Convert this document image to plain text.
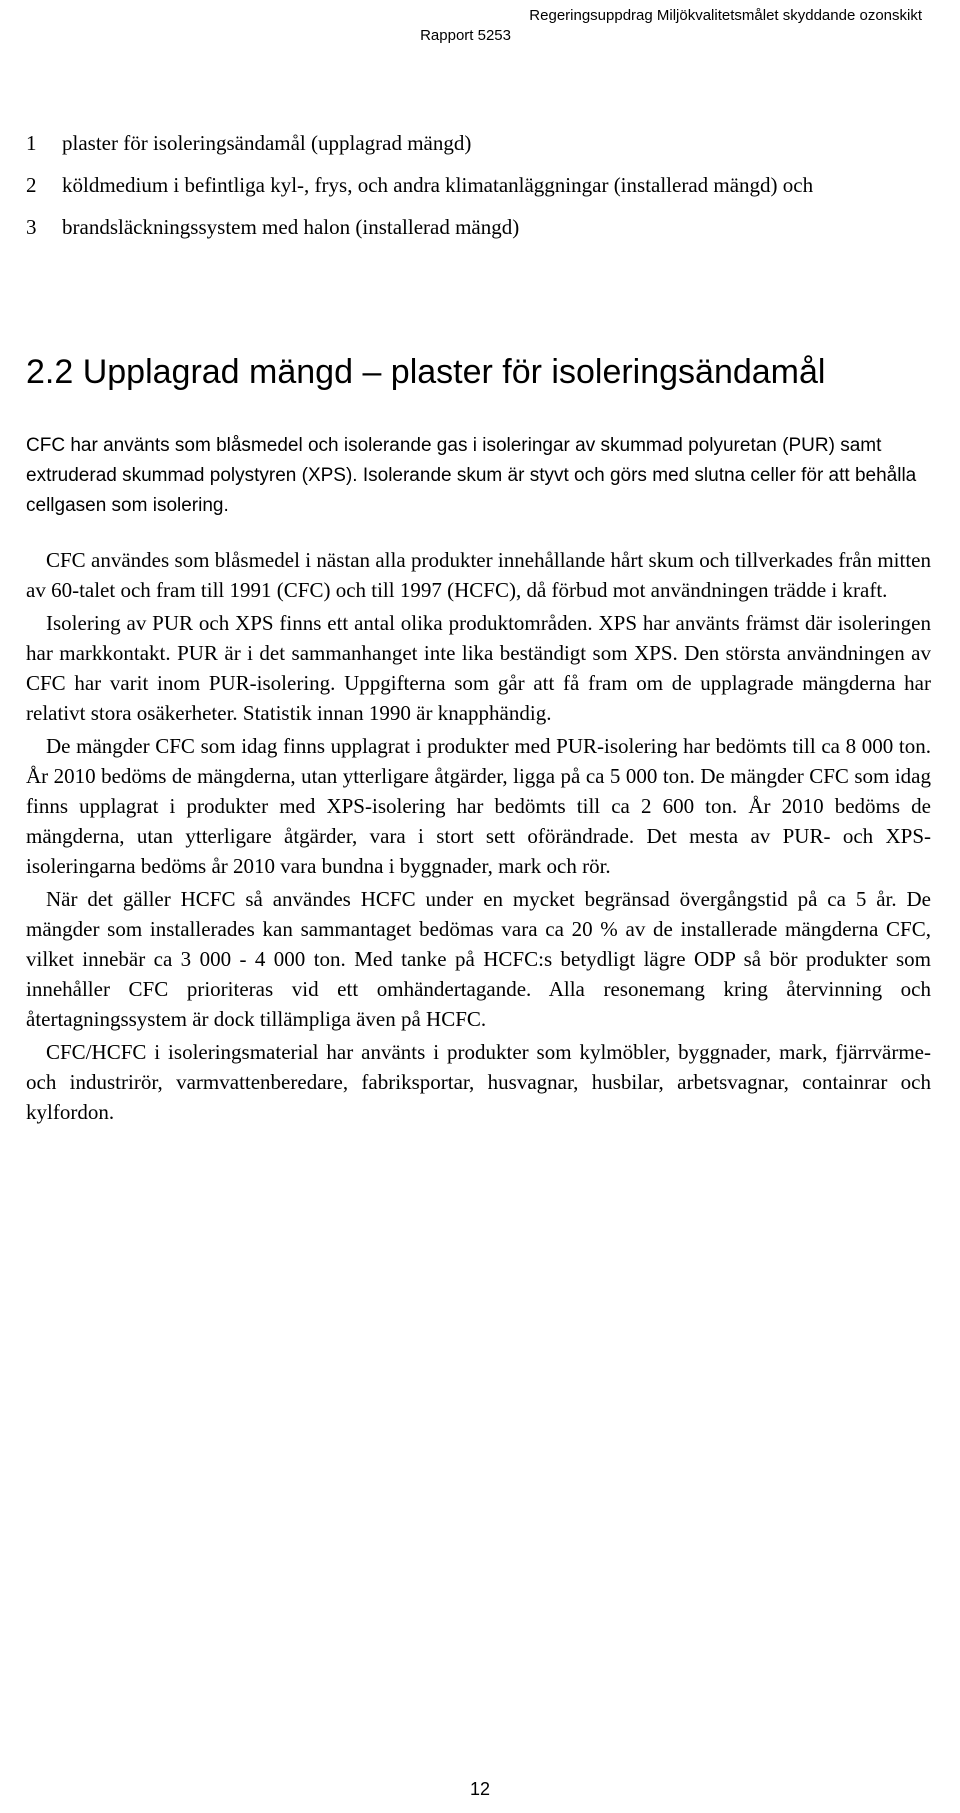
Regeringsuppdrag Miljökvalitetsmålet skyddande ozonskikt
Rapport 5253
1	plaster för isoleringsändamål (upplagrad mängd)
2	köldmedium i befintliga kyl-, frys, och andra klimatanläggningar (installerad mängd) och
3	brandsläckningssystem med halon (installerad mängd)
2.2 Upplagrad mängd – plaster för isoleringsändamål

CFC har använts som blåsmedel och isolerande gas i isoleringar av skummad polyuretan (PUR) samt extruderad skummad polystyren (XPS). Isolerande skum är styvt och görs med slutna celler för att behålla cellgasen som isolering.

CFC användes som blåsmedel i nästan alla produkter innehållande hårt skum och tillverkades från mitten av 60-talet och fram till 1991 (CFC) och till 1997 (HCFC), då förbud mot användningen trädde i kraft.

Isolering av PUR och XPS finns ett antal olika produktområden. XPS har använts främst där isoleringen har markkontakt. PUR är i det sammanhanget inte lika beständigt som XPS. Den största användningen av CFC har varit inom PUR-isolering. Uppgifterna som går att få fram om de upplagrade mängderna har relativt stora osäkerheter. Statistik innan 1990 är knapphändig.

De mängder CFC som idag finns upplagrat i produkter med PUR-isolering har bedömts till ca 8 000 ton. År 2010 bedöms de mängderna, utan ytterligare åtgärder, ligga på ca 5 000 ton. De mängder CFC som idag finns upplagrat i produkter med XPS-isolering har bedömts till ca 2 600 ton. År 2010 bedöms de mängderna, utan ytterligare åtgärder, vara i stort sett oförändrade. Det mesta av PUR- och XPS-isoleringarna bedöms år 2010 vara bundna i byggnader, mark och rör.

När det gäller HCFC så användes HCFC under en mycket begränsad övergångstid på ca 5 år. De mängder som installerades kan sammantaget bedömas vara ca 20 % av de installerade mängderna CFC, vilket innebär ca 3 000 - 4 000 ton. Med tanke på HCFC:s betydligt lägre ODP så bör produkter som innehåller CFC prioriteras vid ett omhändertagande. Alla resonemang kring återvinning och återtagningssystem är dock tillämpliga även på HCFC.

CFC/HCFC i isoleringsmaterial har använts i produkter som kylmöbler, byggnader, mark, fjärrvärme- och industrirör, varmvattenberedare, fabriksportar, husvagnar, husbilar, arbetsvagnar, containrar och kylfordon.

12
